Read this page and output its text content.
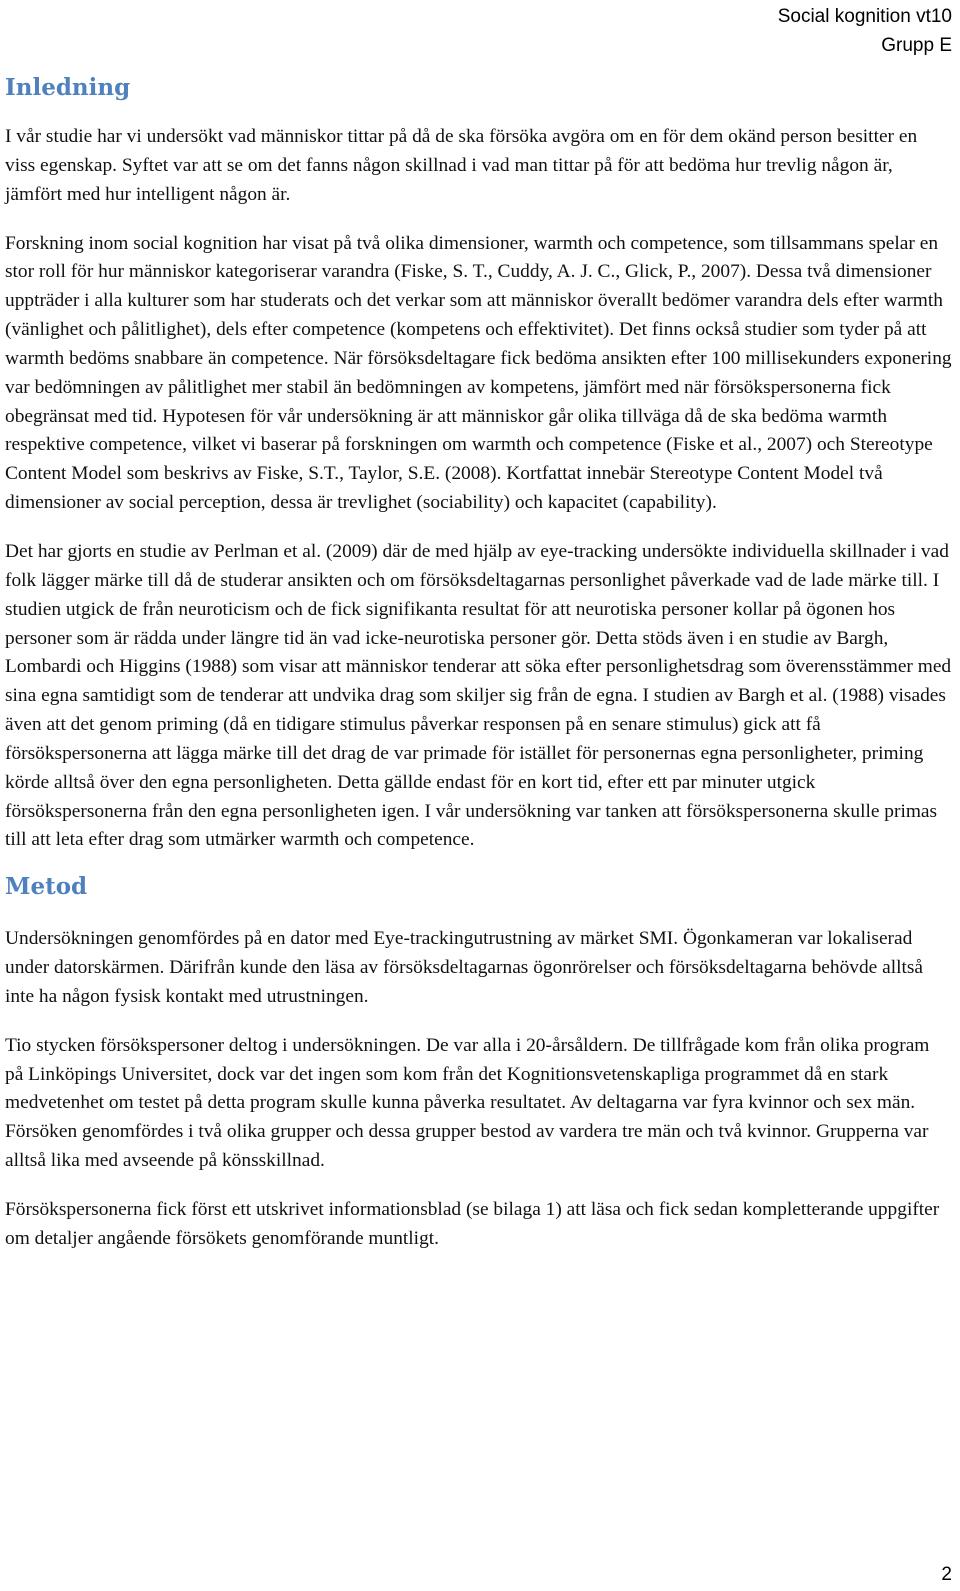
Social kognition vt10
Grupp E
Inledning

I vår studie har vi undersökt vad människor tittar på då de ska försöka avgöra om en för dem okänd person besitter en viss egenskap. Syftet var att se om det fanns någon skillnad i vad man tittar på för att bedöma hur trevlig någon är, jämfört med hur intelligent någon är.

Forskning inom social kognition har visat på två olika dimensioner, warmth och competence, som tillsammans spelar en stor roll för hur människor kategoriserar varandra (Fiske, S. T., Cuddy, A. J. C., Glick, P., 2007). Dessa två dimensioner uppträder i alla kulturer som har studerats och det verkar som att människor överallt bedömer varandra dels efter warmth (vänlighet och pålitlighet), dels efter competence (kompetens och effektivitet). Det finns också studier som tyder på att warmth bedöms snabbare än competence. När försöksdeltagare fick bedöma ansikten efter 100 millisekunders exponering var bedömningen av pålitlighet mer stabil än bedömningen av kompetens, jämfört med när försökspersonerna fick obegränsat med tid. Hypotesen för vår undersökning är att människor går olika tillväga då de ska bedöma warmth respektive competence, vilket vi baserar på forskningen om warmth och competence (Fiske et al., 2007) och Stereotype Content Model som beskrivs av Fiske, S.T., Taylor, S.E. (2008). Kortfattat innebär Stereotype Content Model två dimensioner av social perception, dessa är trevlighet (sociability) och kapacitet (capability).

Det har gjorts en studie av Perlman et al. (2009) där de med hjälp av eye-tracking undersökte individuella skillnader i vad folk lägger märke till då de studerar ansikten och om försöksdeltagarnas personlighet påverkade vad de lade märke till. I studien utgick de från neuroticism och de fick signifikanta resultat för att neurotiska personer kollar på ögonen hos personer som är rädda under längre tid än vad icke-neurotiska personer gör. Detta stöds även i en studie av Bargh, Lombardi och Higgins (1988) som visar att människor tenderar att söka efter personlighetsdrag som överensstämmer med sina egna samtidigt som de tenderar att undvika drag som skiljer sig från de egna. I studien av Bargh et al. (1988) visades även att det genom priming (då en tidigare stimulus påverkar responsen på en senare stimulus) gick att få försökspersonerna att lägga märke till det drag de var primade för istället för personernas egna personligheter, priming körde alltså över den egna personligheten. Detta gällde endast för en kort tid, efter ett par minuter utgick försökspersonerna från den egna personligheten igen. I vår undersökning var tanken att försökspersonerna skulle primas till att leta efter drag som utmärker warmth och competence.

Metod

Undersökningen genomfördes på en dator med Eye-trackingutrustning av märket SMI. Ögonkameran var lokaliserad under datorskärmen. Därifrån kunde den läsa av försöksdeltagarnas ögonrörelser och försöksdeltagarna behövde alltså inte ha någon fysisk kontakt med utrustningen.

Tio stycken försökspersoner deltog i undersökningen. De var alla i 20-årsåldern. De tillfrågade kom från olika program på Linköpings Universitet, dock var det ingen som kom från det Kognitionsvetenskapliga programmet då en stark medvetenhet om testet på detta program skulle kunna påverka resultatet. Av deltagarna var fyra kvinnor och sex män. Försöken genomfördes i två olika grupper och dessa grupper bestod av vardera tre män och två kvinnor. Grupperna var alltså lika med avseende på könsskillnad.

Försökspersonerna fick först ett utskrivet informationsblad (se bilaga 1) att läsa och fick sedan kompletterande uppgifter om detaljer angående försökets genomförande muntligt.

2
